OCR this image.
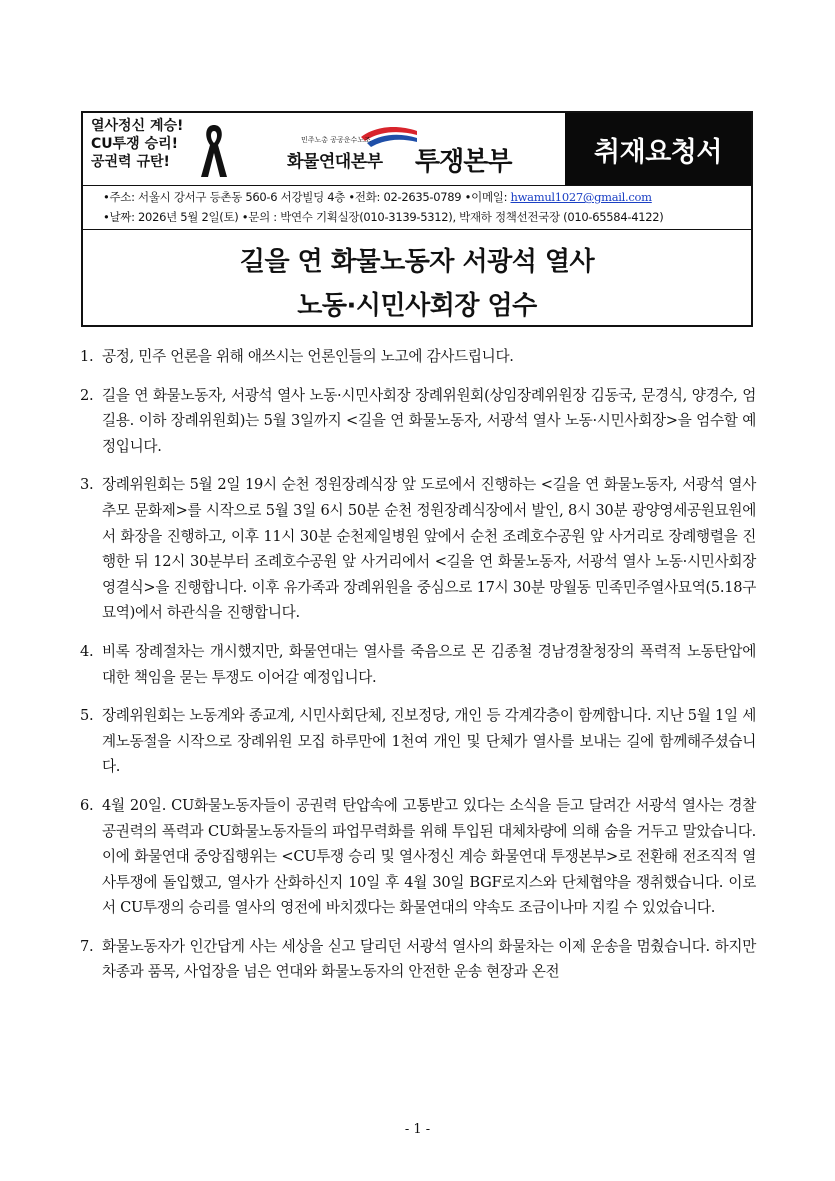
열사정신 계승!
CU투쟁 승리!
공권력 규탄!
민주노총 공공운수노조
화물연대본부 투쟁본부	취재요청서
•주소: 서울시 강서구 등촌동 560-6 서강빌딩 4층 •전화: 02-2635-0789 •이메일: hwamul1027@gmail.com
•날짜: 2026년 5월 2일(토) •문의 : 박연수 기획실장(010-3139-5312), 박재하 정책선전국장 (010-65584-4122)
길을 연 화물노동자 서광석 열사
노동·시민사회장 엄수
1. 공정, 민주 언론을 위해 애쓰시는 언론인들의 노고에 감사드립니다.
2. 길을 연 화물노동자, 서광석 열사 노동·시민사회장 장례위원회(상임장례위원장 김동국, 문경식, 양경수, 엄길용. 이하 장례위원회)는 5월 3일까지 <길을 연 화물노동자, 서광석 열사 노동·시민사회장>을 엄수할 예정입니다.
3. 장례위원회는 5월 2일 19시 순천 정원장례식장 앞 도로에서 진행하는 <길을 연 화물노동자, 서광석 열사 추모 문화제>를 시작으로 5월 3일 6시 50분 순천 정원장례식장에서 발인, 8시 30분 광양영세공원묘원에서 화장을 진행하고, 이후 11시 30분 순천제일병원 앞에서 순천 조례호수공원 앞 사거리로 장례행렬을 진행한 뒤 12시 30분부터 조례호수공원 앞 사거리에서 <길을 연 화물노동자, 서광석 열사 노동·시민사회장 영결식>을 진행합니다. 이후 유가족과 장례위원을 중심으로 17시 30분 망월동 민족민주열사묘역(5.18구묘역)에서 하관식을 진행합니다.
4. 비록 장례절차는 개시했지만, 화물연대는 열사를 죽음으로 몬 김종철 경남경찰청장의 폭력적 노동탄압에 대한 책임을 묻는 투쟁도 이어갈 예정입니다.
5. 장례위원회는 노동계와 종교계, 시민사회단체, 진보정당, 개인 등 각계각층이 함께합니다. 지난 5월 1일 세계노동절을 시작으로 장례위원 모집 하루만에 1천여 개인 및 단체가 열사를 보내는 길에 함께해주셨습니다.
6. 4월 20일. CU화물노동자들이 공권력 탄압속에 고통받고 있다는 소식을 듣고 달려간 서광석 열사는 경찰공권력의 폭력과 CU화물노동자들의 파업무력화를 위해 투입된 대체차량에 의해 숨을 거두고 말았습니다. 이에 화물연대 중앙집행위는 <CU투쟁 승리 및 열사정신 계승 화물연대 투쟁본부>로 전환해 전조직적 열사투쟁에 돌입했고, 열사가 산화하신지 10일 후 4월 30일 BGF로지스와 단체협약을 쟁취했습니다. 이로서 CU투쟁의 승리를 열사의 영전에 바치겠다는 화물연대의 약속도 조금이나마 지킬 수 있었습니다.
7. 화물노동자가 인간답게 사는 세상을 싣고 달리던 서광석 열사의 화물차는 이제 운송을 멈췄습니다. 하지만 차종과 품목, 사업장을 넘은 연대와 화물노동자의 안전한 운송 현장과 온전
- 1 -
